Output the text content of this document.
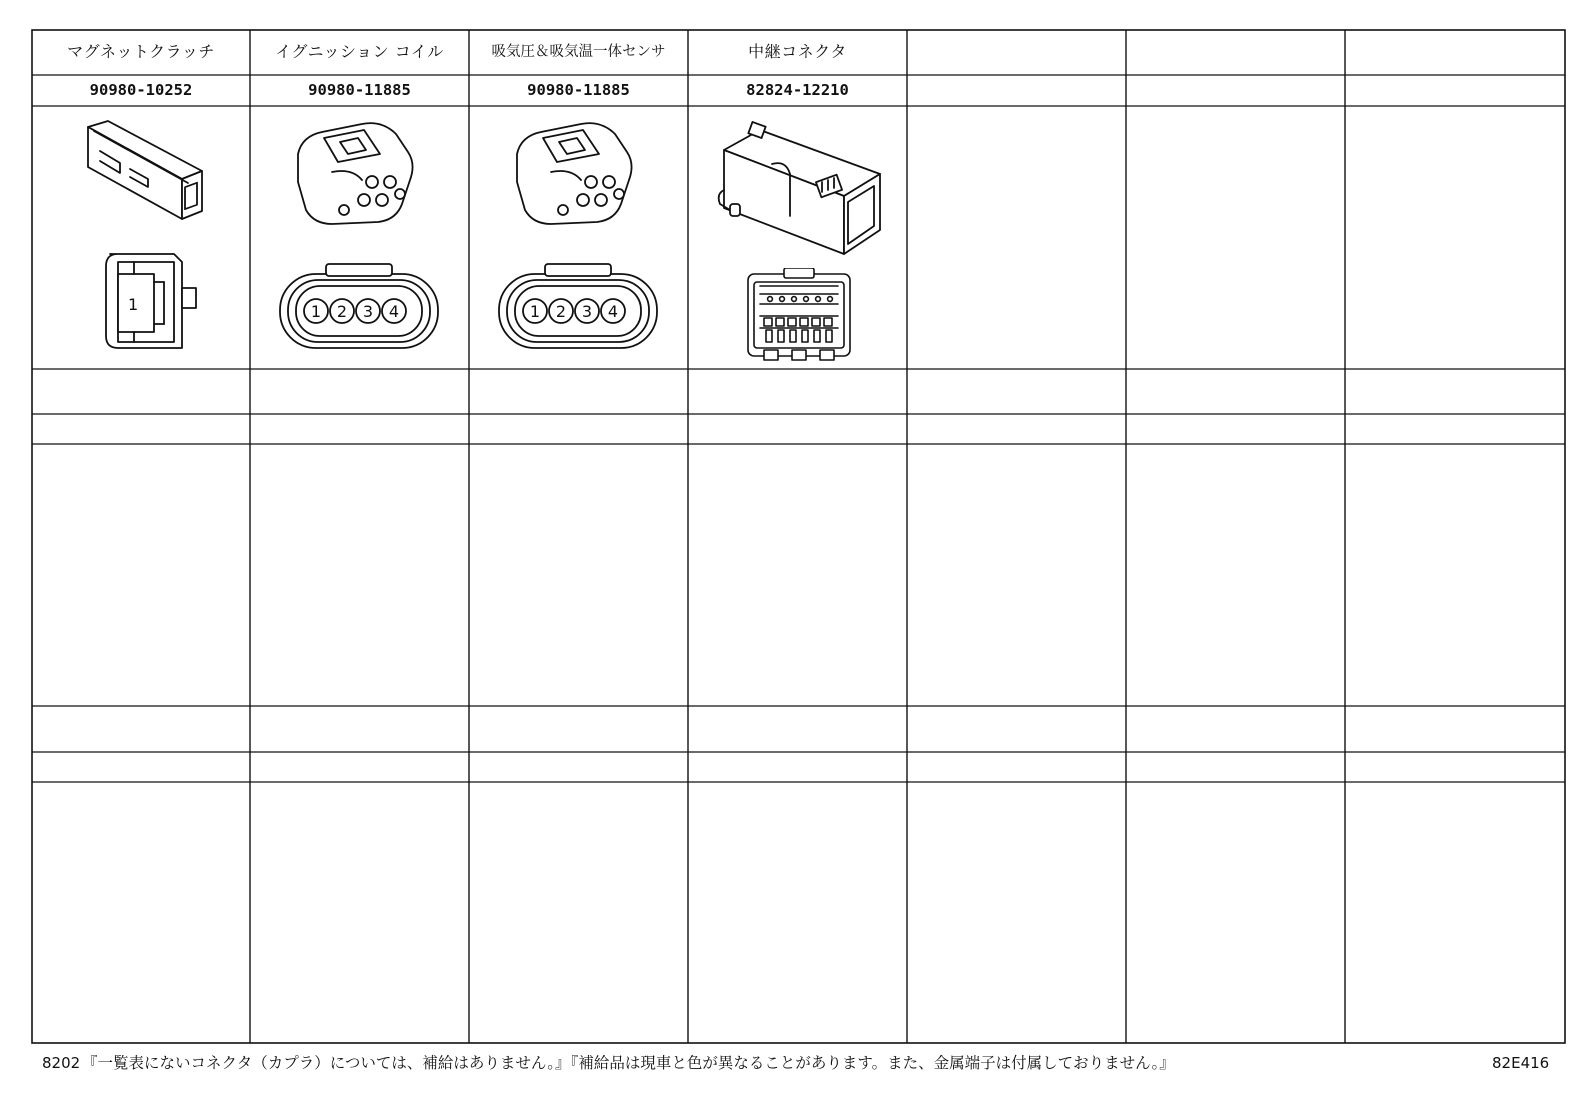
マグネットクラッチ	イグニッション コイル	吸気圧＆吸気温一体センサ	中継コネクタ
90980-10252	90980-11885	90980-11885	82824-12210
1	1 2 3 4	1 2 3 4
8202 『一覧表にないコネクタ（カプラ）については、補給はありません。』『補給品は現車と色が異なることがあります。また、金属端子は付属しておりません。』	82E416
